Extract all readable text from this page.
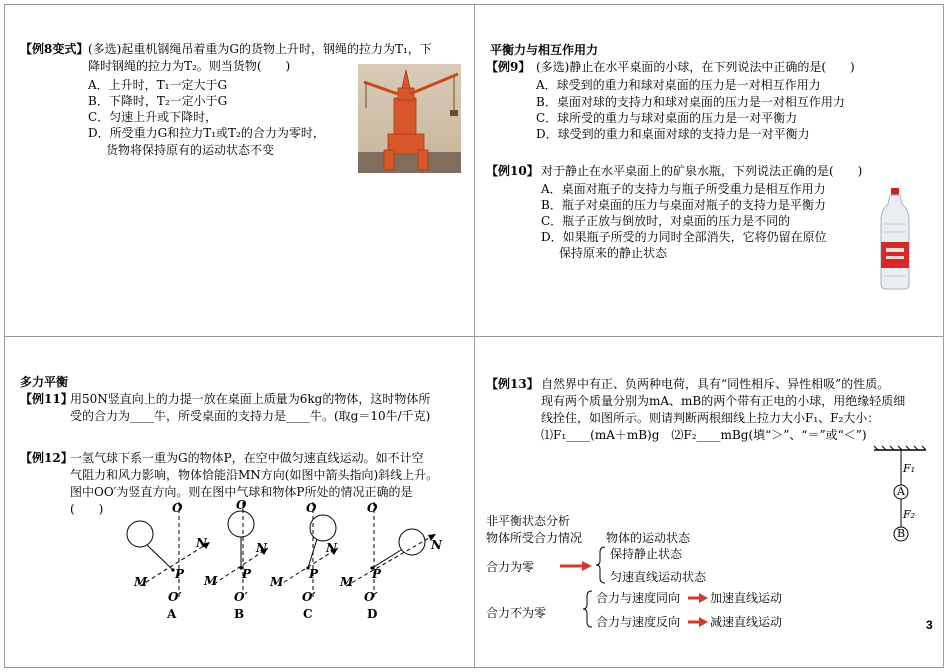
【例8变式】 (多选)起重机钢绳吊着重为G的货物上升时，钢绳的拉力为T₁，下
降时钢绳的拉力为T₂。则当货物(　　)
A．上升时，T₁一定大于G
B．下降时，T₂一定小于G
C．匀速上升或下降时，
D．所受重力G和拉力T₁或T₂的合力为零时，
货物将保持原有的运动状态不变
平衡力与相互作用力
【例9】 (多选)静止在水平桌面的小球，在下列说法中正确的是(　　)
A．球受到的重力和球对桌面的压力是一对相互作用力
B．桌面对球的支持力和球对桌面的压力是一对相互作用力
C．球所受的重力与球对桌面的压力是一对平衡力
D．球受到的重力和桌面对球的支持力是一对平衡力
【例10】 对于静止在水平桌面上的矿泉水瓶，下列说法正确的是(　　)
A．桌面对瓶子的支持力与瓶子所受重力是相互作用力
B．瓶子对桌面的压力与桌面对瓶子的支持力是平衡力
C．瓶子正放与倒放时，对桌面的压力是不同的
D．如果瓶子所受的力同时全部消失，它将仍留在原位
保持原来的静止状态
多力平衡
【例11】
用50N竖直向上的力提一放在桌面上质量为6kg的物体，这时物体所
受的合力为____牛，所受桌面的支持力是____牛。(取g＝10牛/千克)
【例12】
一氢气球下系一重为G的物体P，在空中做匀速直线运动。如不计空
气阻力和风力影响，物体恰能沿MN方向(如图中箭头指向)斜线上升。
图中OO′为竖直方向。则在图中气球和物体P所处的情况正确的是
(　　)	O
N
M
P
O′
A
O
N
M P
O′
B
O
N
M
P
O′
C
O
N
M
P
O′
D
【例13】 自然界中有正、负两种电荷，具有“同性相斥、异性相吸”的性质。
现有两个质量分别为mA、mB的两个带有正电的小球，用绝缘轻质细
线拴住，如图所示。则请判断两根细线上拉力大小F₁、F₂大小：
⑴F₁____(mA＋mB)g　⑵F₂____mBg(填“＞”、“＝”或“＜”)
F₁
A
F₂
B
非平衡状态分析
物体所受合力情况 物体的运动状态
合力为零
保持静止状态
匀速直线运动状态
合力不为零
合力与速度同向 加速直线运动
合力与速度反向 减速直线运动	3
